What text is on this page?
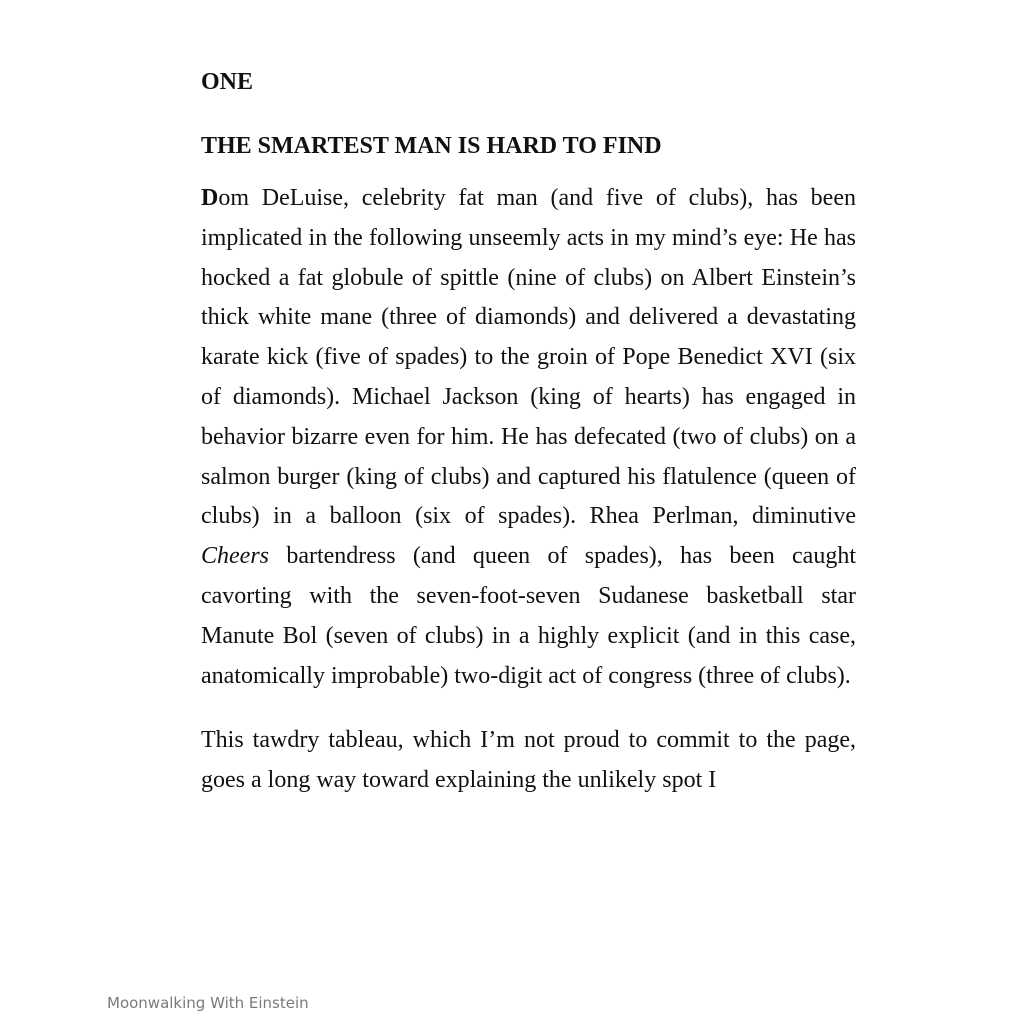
ONE
THE SMARTEST MAN IS HARD TO FIND

Dom DeLuise, celebrity fat man (and five of clubs), has been implicated in the following unseemly acts in my mind’s eye: He has hocked a fat globule of spittle (nine of clubs) on Albert Einstein’s thick white mane (three of diamonds) and delivered a devastating karate kick (five of spades) to the groin of Pope Benedict XVI (six of diamonds). Michael Jackson (king of hearts) has engaged in behavior bizarre even for him. He has defecated (two of clubs) on a salmon burger (king of clubs) and captured his flatulence (queen of clubs) in a balloon (six of spades). Rhea Perlman, diminutive Cheers bartendress (and queen of spades), has been caught cavorting with the seven-foot-seven Sudanese basketball star Manute Bol (seven of clubs) in a highly explicit (and in this case, anatomically improbable) two-digit act of congress (three of clubs).

This tawdry tableau, which I’m not proud to commit to the page, goes a long way toward explaining the unlikely spot I

Moonwalking With Einstein
